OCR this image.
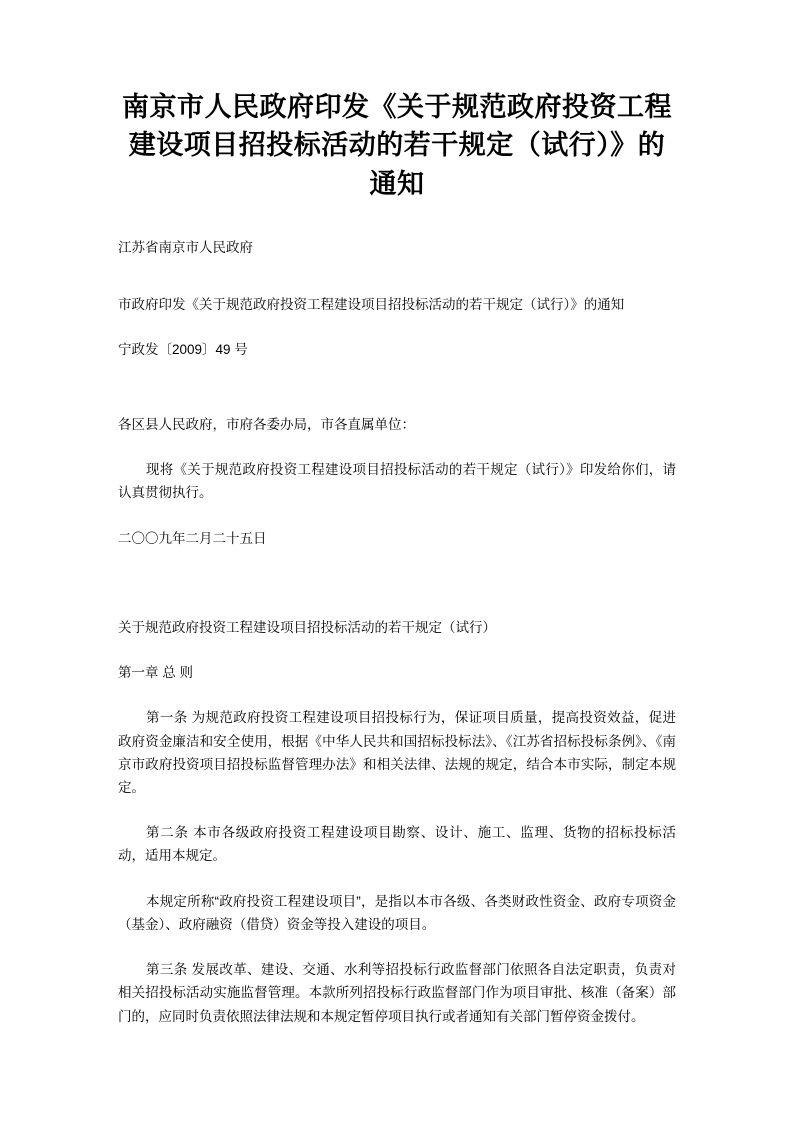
南京市人民政府印发《关于规范政府投资工程建设项目招投标活动的若干规定（试行）》的通知

江苏省南京市人民政府

市政府印发《关于规范政府投资工程建设项目招投标活动的若干规定（试行）》的通知

宁政发〔2009〕49 号

各区县人民政府，市府各委办局，市各直属单位：

现将《关于规范政府投资工程建设项目招投标活动的若干规定（试行）》印发给你们，请认真贯彻执行。

二〇〇九年二月二十五日

关于规范政府投资工程建设项目招投标活动的若干规定（试行）

第一章 总 则

第一条 为规范政府投资工程建设项目招投标行为，保证项目质量，提高投资效益，促进政府资金廉洁和安全使用，根据《中华人民共和国招标投标法》、《江苏省招标投标条例》、《南京市政府投资项目招投标监督管理办法》和相关法律、法规的规定，结合本市实际，制定本规定。

第二条 本市各级政府投资工程建设项目勘察、设计、施工、监理、货物的招标投标活动，适用本规定。

本规定所称“政府投资工程建设项目”，是指以本市各级、各类财政性资金、政府专项资金（基金）、政府融资（借贷）资金等投入建设的项目。

第三条 发展改革、建设、交通、水利等招投标行政监督部门依照各自法定职责，负责对相关招投标活动实施监督管理。本款所列招投标行政监督部门作为项目审批、核准（备案）部门的，应同时负责依照法律法规和本规定暂停项目执行或者通知有关部门暂停资金拨付。
